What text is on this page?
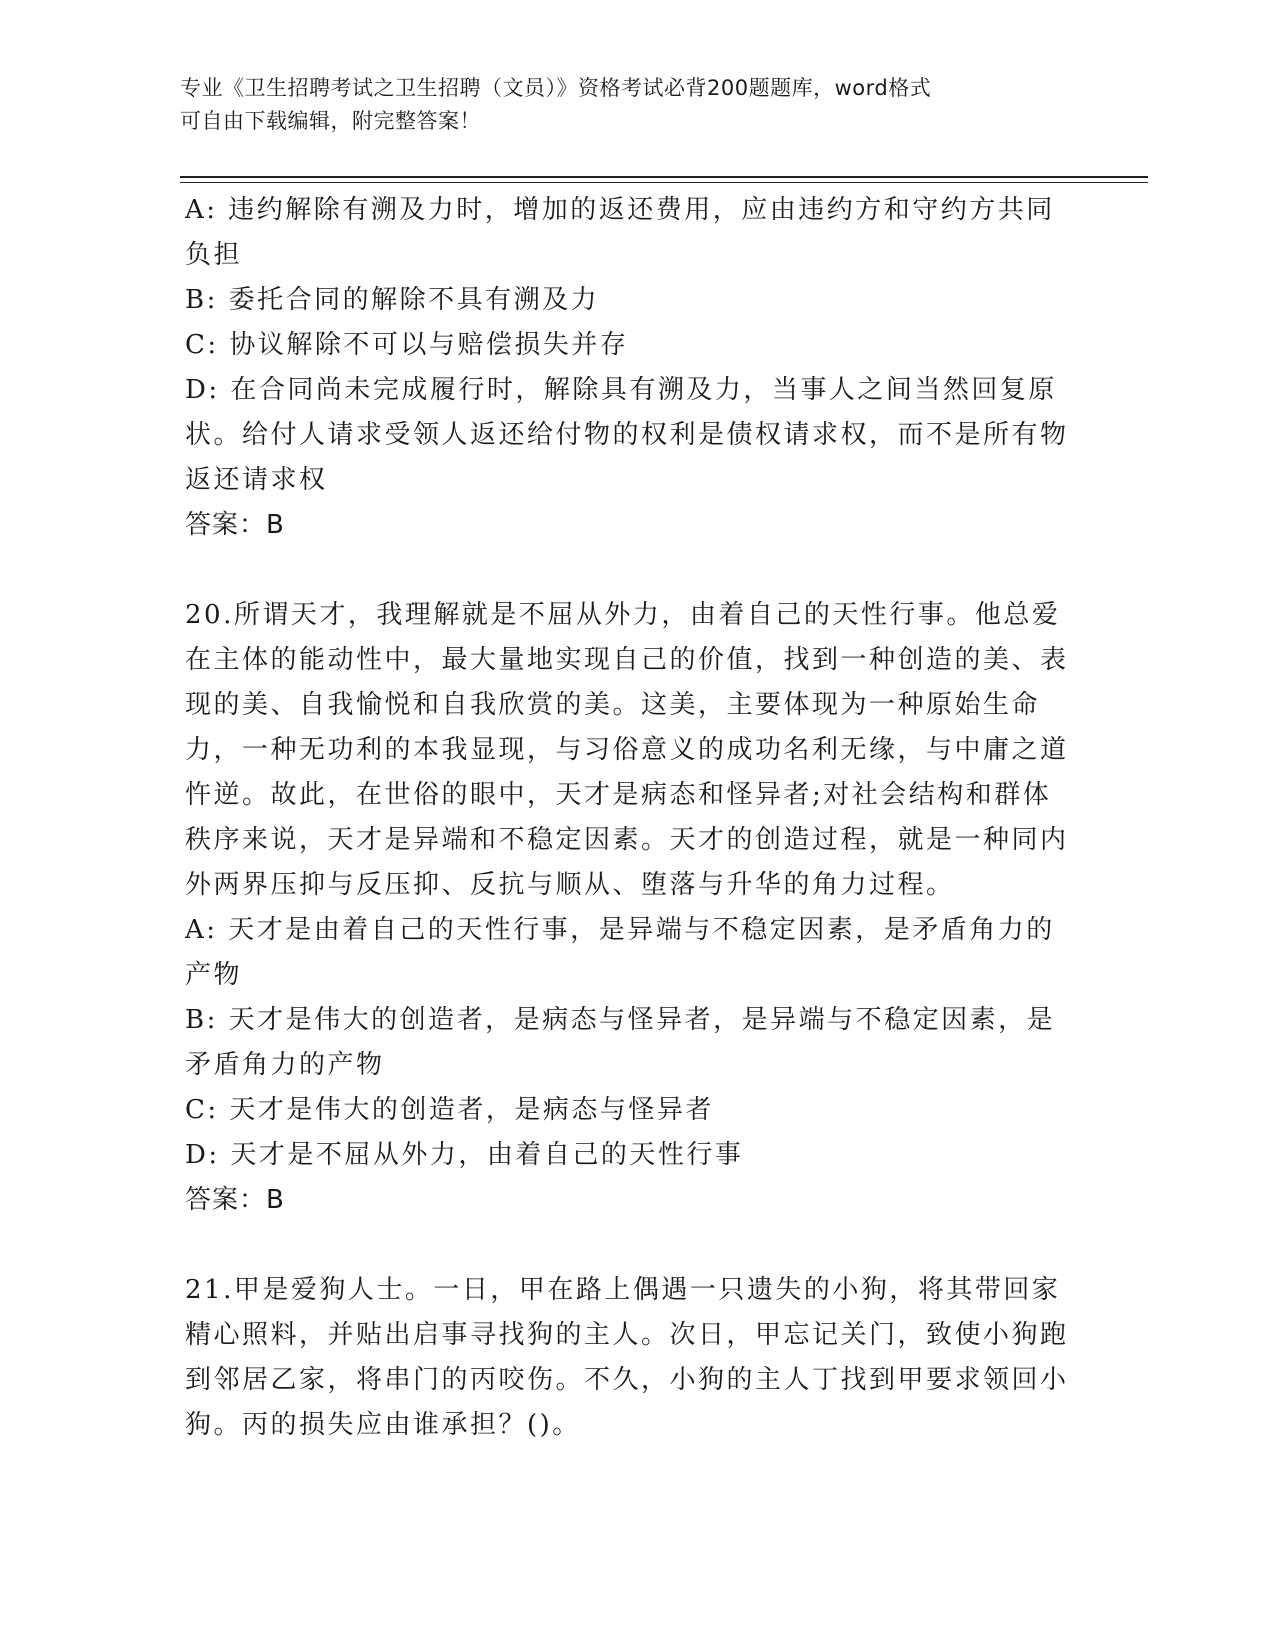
专业《卫生招聘考试之卫生招聘（文员）》资格考试必背200题题库，word格式
可自由下载编辑，附完整答案！

A: 违约解除有溯及力时，增加的返还费用，应由违约方和守约方共同负担

B: 委托合同的解除不具有溯及力

C: 协议解除不可以与赔偿损失并存

D: 在合同尚未完成履行时，解除具有溯及力，当事人之间当然回复原状。给付人请求受领人返还给付物的权利是债权请求权，而不是所有物返还请求权

答案：B

20.所谓天才，我理解就是不屈从外力，由着自己的天性行事。他总爱在主体的能动性中，最大量地实现自己的价值，找到一种创造的美、表现的美、自我愉悦和自我欣赏的美。这美，主要体现为一种原始生命力，一种无功利的本我显现，与习俗意义的成功名利无缘，与中庸之道忤逆。故此，在世俗的眼中，天才是病态和怪异者;对社会结构和群体秩序来说，天才是异端和不稳定因素。天才的创造过程，就是一种同内外两界压抑与反压抑、反抗与顺从、堕落与升华的角力过程。

A: 天才是由着自己的天性行事，是异端与不稳定因素，是矛盾角力的产物

B: 天才是伟大的创造者，是病态与怪异者，是异端与不稳定因素，是矛盾角力的产物

C: 天才是伟大的创造者，是病态与怪异者

D: 天才是不屈从外力，由着自己的天性行事

答案：B

21.甲是爱狗人士。一日，甲在路上偶遇一只遗失的小狗，将其带回家精心照料，并贴出启事寻找狗的主人。次日，甲忘记关门，致使小狗跑到邻居乙家，将串门的丙咬伤。不久，小狗的主人丁找到甲要求领回小狗。丙的损失应由谁承担？()。
